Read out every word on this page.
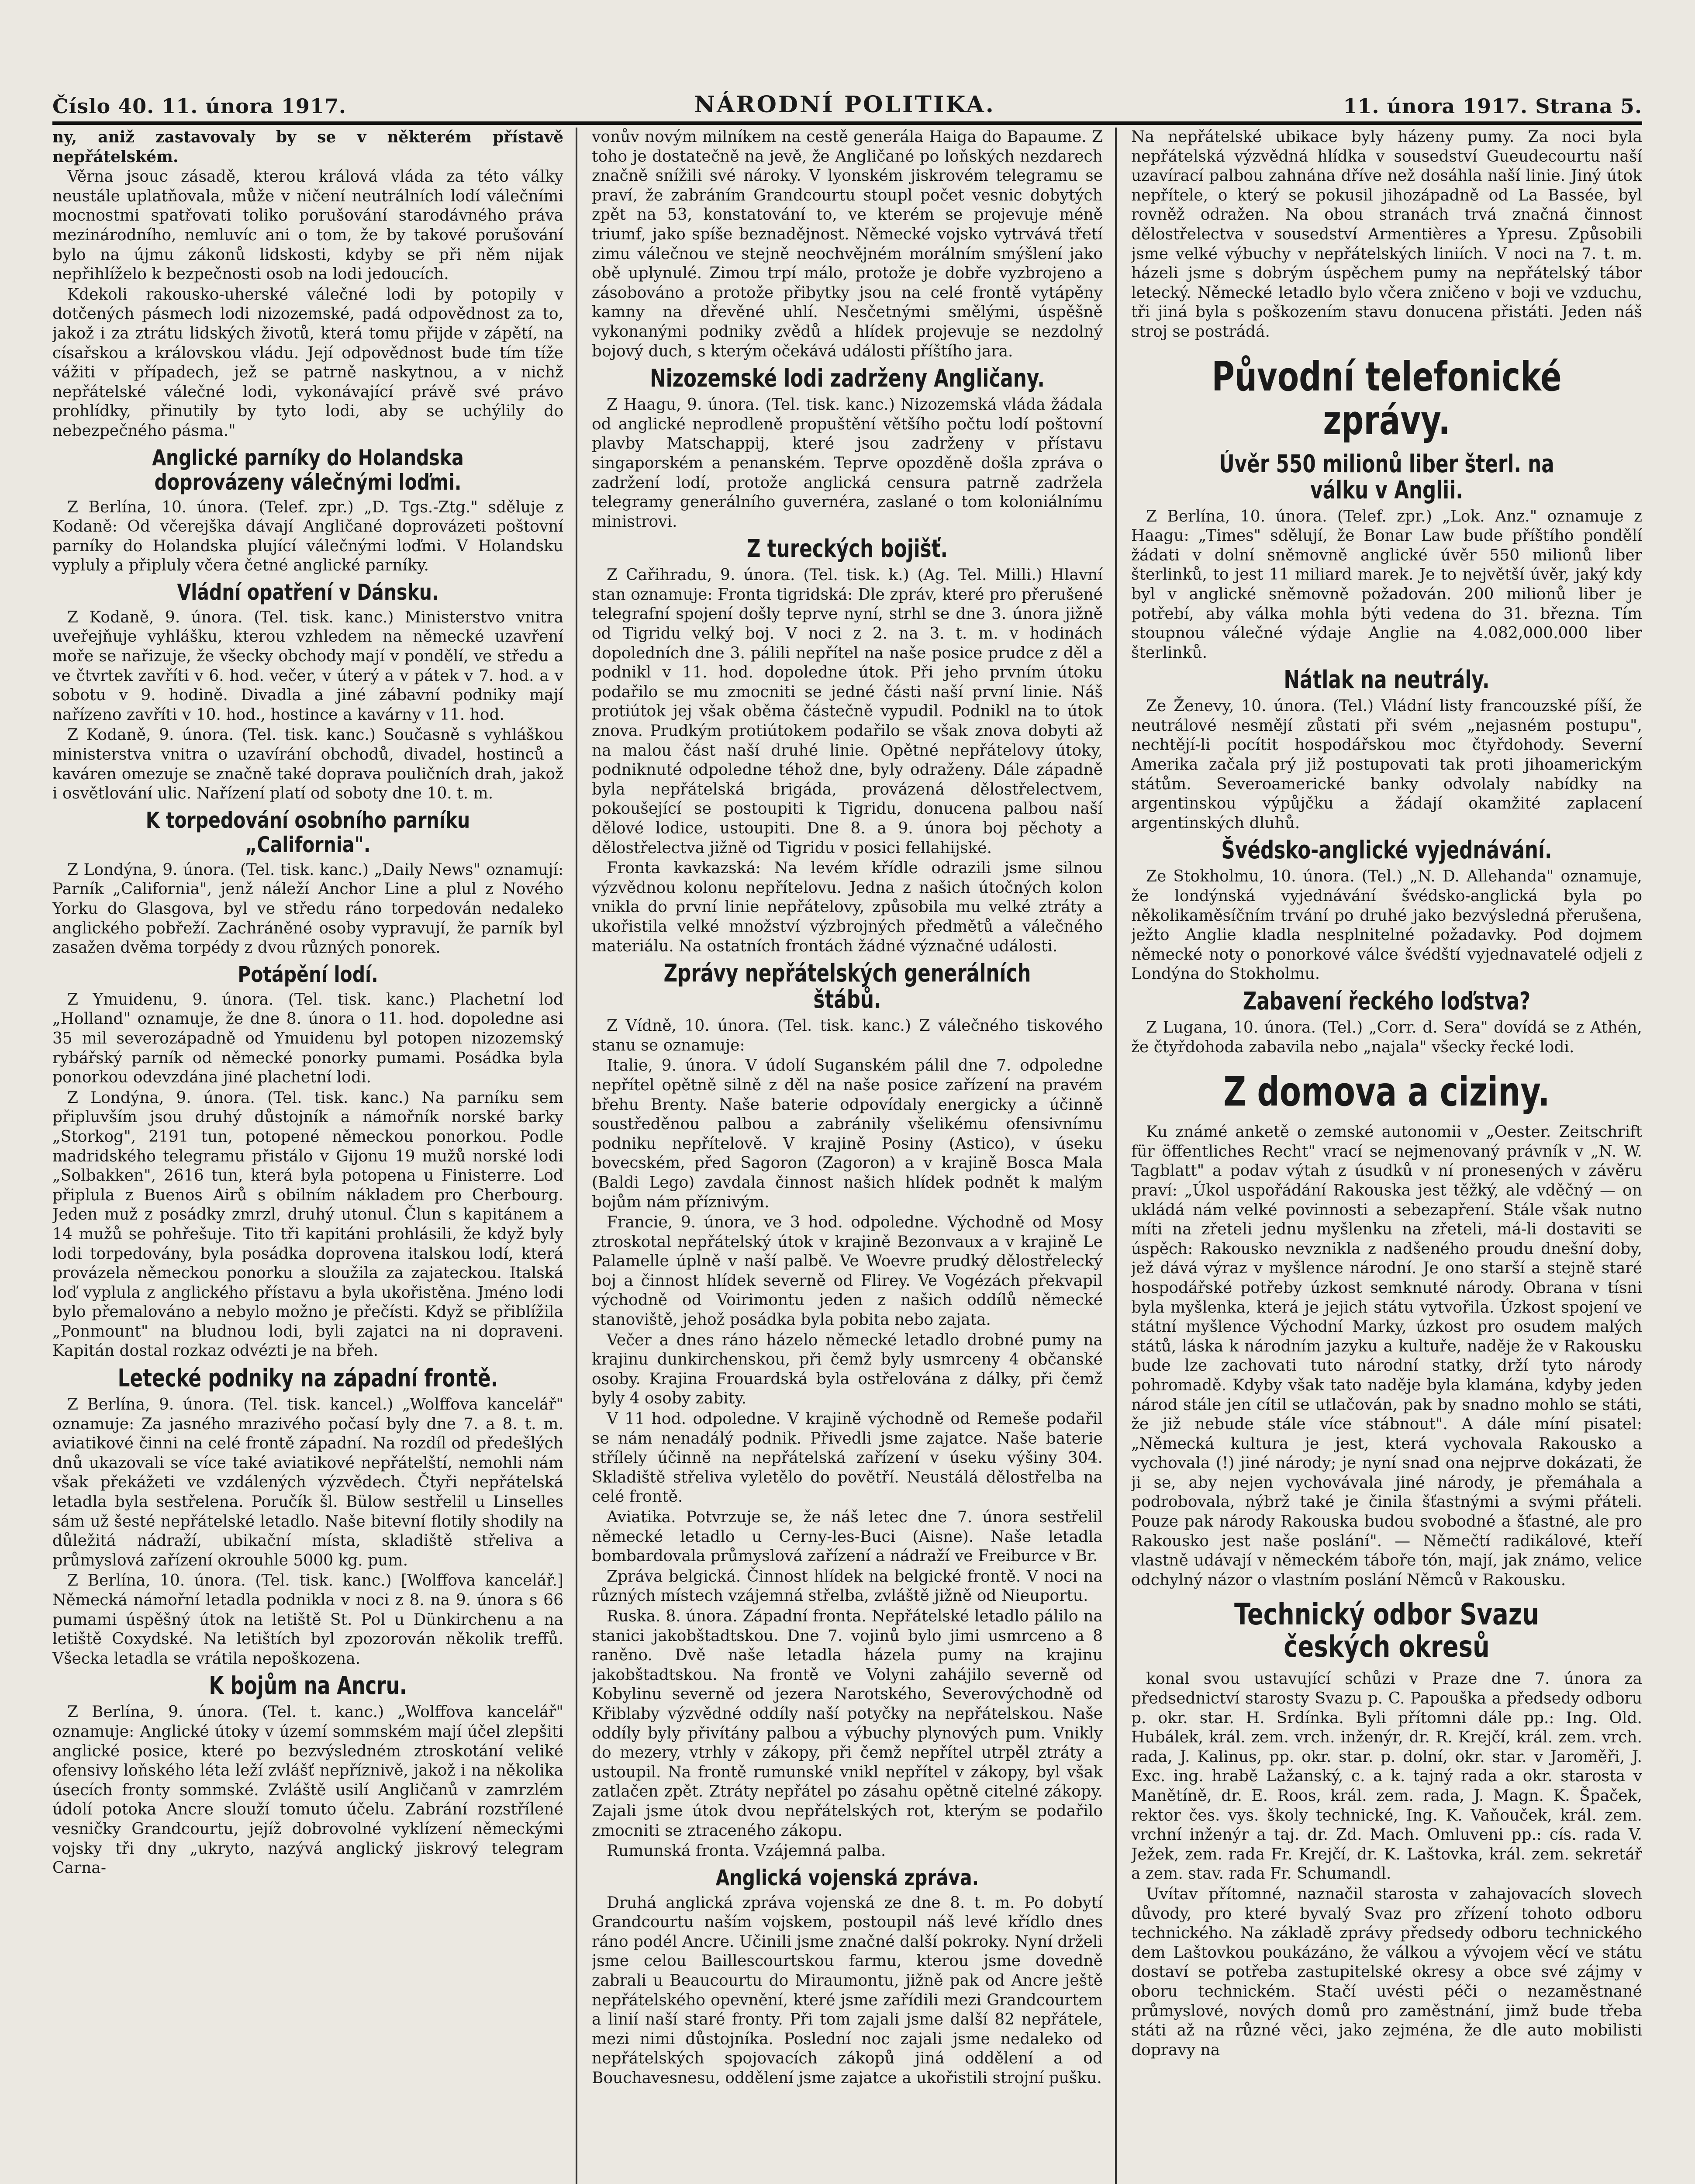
Číslo 40. 11. února 1917.	NÁRODNÍ POLITIKA.	11. února 1917. Strana 5.

ny, aniž zastavovaly by se v některém přístavě nepřátelském.

Věrna jsouc zásadě, kterou králová vláda za této války neustále uplatňovala, může v ničení neutrálních lodí válečními mocnostmi spatřovati toliko porušování starodávného práva mezinárodního, nemluvíc ani o tom, že by takové porušování bylo na újmu zákonů lidskosti, kdyby se při něm nijak nepřihlíželo k bezpečnosti osob na lodi jedoucích.

Kdekoli rakousko-uherské válečné lodi by potopily v dotčených pásmech lodi nizozemské, padá odpovědnost za to, jakož i za ztrátu lidských životů, která tomu přijde v zápětí, na císařskou a královskou vládu. Její odpovědnost bude tím tíže vážiti v případech, jež se patrně naskytnou, a v nichž nepřátelské válečné lodi, vykonávající právě své právo prohlídky, přinutily by tyto lodi, aby se uchýlily do nebezpečného pásma."

Anglické parníky do Holandska doprovázeny válečnými loďmi.

Z Berlína, 10. února. (Telef. zpr.) „D. Tgs.-Ztg." sděluje z Kodaně: Od včerejška dávají Angličané doprovázeti poštovní parníky do Holandska plující válečnými loďmi. V Holandsku vypluly a připluly včera četné anglické parníky.

Vládní opatření v Dánsku.

Z Kodaně, 9. února. (Tel. tisk. kanc.) Ministerstvo vnitra uveřejňuje vyhlášku, kterou vzhledem na německé uzavření moře se nařizuje, že všecky obchody mají v pondělí, ve středu a ve čtvrtek zavříti v 6. hod. večer, v úterý a v pátek v 7. hod. a v sobotu v 9. hodině. Divadla a jiné zábavní podniky mají nařízeno zavříti v 10. hod., hostince a kavárny v 11. hod.

Z Kodaně, 9. února. (Tel. tisk. kanc.) Současně s vyhláškou ministerstva vnitra o uzavírání obchodů, divadel, hostinců a kaváren omezuje se značně také doprava pouličních drah, jakož i osvětlování ulic. Nařízení platí od soboty dne 10. t. m.

K torpedování osobního parníku „California".

Z Londýna, 9. února. (Tel. tisk. kanc.) „Daily News" oznamují: Parník „California", jenž náleží Anchor Line a plul z Nového Yorku do Glasgova, byl ve středu ráno torpedován nedaleko anglického pobřeží. Zachráněné osoby vypravují, že parník byl zasažen dvěma torpédy z dvou různých ponorek.

Potápění lodí.

Z Ymuidenu, 9. února. (Tel. tisk. kanc.) Plachetní loď „Holland" oznamuje, že dne 8. února o 11. hod. dopoledne asi 35 mil severozápadně od Ymuidenu byl potopen nizozemský rybářský parník od německé ponorky pumami. Posádka byla ponorkou odevzdána jiné plachetní lodi.

Z Londýna, 9. února. (Tel. tisk. kanc.) Na parníku sem připluvším jsou druhý důstojník a námořník norské barky „Storkog", 2191 tun, potopené německou ponorkou. Podle madridského telegramu přistálo v Gijonu 19 mužů norské lodi „Solbakken", 2616 tun, která byla potopena u Finisterre. Loď připlula z Buenos Airů s obilním nákladem pro Cherbourg. Jeden muž z posádky zmrzl, druhý utonul. Člun s kapitánem a 14 mužů se pohřešuje. Tito tři kapitáni prohlásili, že když byly lodi torpedovány, byla posádka doprovena italskou lodí, která provázela německou ponorku a sloužila za zajateckou. Italská loď vyplula z anglického přístavu a byla ukořistěna. Jméno lodi bylo přemalováno a nebylo možno je přečísti. Když se přiblížila „Ponmount" na bludnou lodi, byli zajatci na ni dopraveni. Kapitán dostal rozkaz odvézti je na břeh.

Letecké podniky na západní frontě.

Z Berlína, 9. února. (Tel. tisk. kancel.) „Wolffova kancelář" oznamuje: Za jasného mrazivého počasí byly dne 7. a 8. t. m. aviatikové činni na celé frontě západní. Na rozdíl od předešlých dnů ukazovali se více také aviatikové nepřátelští, nemohli nám však překážeti ve vzdálených výzvědech. Čtyři nepřátelská letadla byla sestřelena. Poručík šl. Bülow sestřelil u Linselles sám už šesté nepřátelské letadlo. Naše bitevní flotily shodily na důležitá nádraží, ubikační místa, skladiště střeliva a průmyslová zařízení okrouhle 5000 kg. pum.

Z Berlína, 10. února. (Tel. tisk. kanc.) [Wolffova kancelář.] Německá námořní letadla podnikla v noci z 8. na 9. února s 66 pumami úspěšný útok na letiště St. Pol u Dünkirchenu a na letiště Coxydské. Na letištích byl zpozorován několik treffů. Všecka letadla se vrátila nepoškozena.

K bojům na Ancru.

Z Berlína, 9. února. (Tel. t. kanc.) „Wolffova kancelář" oznamuje: Anglické útoky v území sommském mají účel zlepšiti anglické posice, které po bezvýsledném ztroskotání veliké ofensivy loňského léta leží zvlášť nepříznivě, jakož i na několika úsecích fronty sommské. Zvláště usilí Angličanů v zamrzlém údolí potoka Ancre slouží tomuto účelu. Zabrání rozstřílené vesničky Grandcourtu, jejíž dobrovolné vyklízení německými vojsky tři dny „ukryto, nazývá anglický jiskrový telegram Carna-

vonův novým milníkem na cestě generála Haiga do Bapaume. Z toho je dostatečně na jevě, že Angličané po loňských nezdarech značně snížili své nároky. V lyonském jiskrovém telegramu se praví, že zabráním Grandcourtu stoupl počet vesnic dobytých zpět na 53, konstatování to, ve kterém se projevuje méně triumf, jako spíše beznadějnost. Německé vojsko vytrvává třetí zimu válečnou ve stejně neochvějném morálním smýšlení jako obě uplynulé. Zimou trpí málo, protože je dobře vyzbrojeno a zásobováno a protože přibytky jsou na celé frontě vytápěny kamny na dřevěné uhlí. Nesčetnými smělými, úspěšně vykonanými podniky zvědů a hlídek projevuje se nezdolný bojový duch, s kterým očekává události příštího jara.

Nizozemské lodi zadrženy Angličany.

Z Haagu, 9. února. (Tel. tisk. kanc.) Nizozemská vláda žádala od anglické neprodleně propuštění většího počtu lodí poštovní plavby Matschappij, které jsou zadrženy v přístavu singaporském a penanském. Teprve opozděně došla zpráva o zadržení lodí, protože anglická censura patrně zadržela telegramy generálního guvernéra, zaslané o tom koloniálnímu ministrovi.

Z tureckých bojišť.

Z Cařihradu, 9. února. (Tel. tisk. k.) (Ag. Tel. Milli.) Hlavní stan oznamuje: Fronta tigridská: Dle zpráv, které pro přerušené telegrafní spojení došly teprve nyní, strhl se dne 3. února jižně od Tigridu velký boj. V noci z 2. na 3. t. m. v hodinách dopoledních dne 3. pálili nepřítel na naše posice prudce z děl a podnikl v 11. hod. dopoledne útok. Při jeho prvním útoku podařilo se mu zmocniti se jedné části naší první linie. Náš protiútok jej však oběma částečně vypudil. Podnikl na to útok znova. Prudkým protiútokem podařilo se však znova dobyti až na malou část naší druhé linie. Opětné nepřátelovy útoky, podniknuté odpoledne téhož dne, byly odraženy. Dále západně byla nepřátelská brigáda, provázená dělostřelectvem, pokoušející se postoupiti k Tigridu, donucena palbou naší dělové lodice, ustoupiti. Dne 8. a 9. února boj pěchoty a dělostřelectva jižně od Tigridu v posici fellahijské.

Fronta kavkazská: Na levém křídle odrazili jsme silnou výzvědnou kolonu nepřítelovu. Jedna z našich útočných kolon vnikla do první linie nepřátelovy, způsobila mu velké ztráty a ukořistila velké množství výzbrojných předmětů a válečného materiálu. Na ostatních frontách žádné význačné události.

Zprávy nepřátelských generálních štábů.

Z Vídně, 10. února. (Tel. tisk. kanc.) Z válečného tiskového stanu se oznamuje:

Italie, 9. února. V údolí Suganském pálil dne 7. odpoledne nepřítel opětně silně z děl na naše posice zařízení na pravém břehu Brenty. Naše baterie odpovídaly energicky a účinně soustředěnou palbou a zabránily všelikému ofensivnímu podniku nepřítelově. V krajině Posiny (Astico), v úseku bovecském, před Sagoron (Zagoron) a v krajině Bosca Mala (Baldi Lego) zavdala činnost našich hlídek podnět k malým bojům nám příznivým.

Francie, 9. února, ve 3 hod. odpoledne. Východně od Mosy ztroskotal nepřátelský útok v krajině Bezonvaux a v krajině Le Palamelle úplně v naší palbě. Ve Woevre prudký dělostřelecký boj a činnost hlídek severně od Flirey. Ve Vogézách překvapil východně od Voirimontu jeden z našich oddílů německé stanoviště, jehož posádka byla pobita nebo zajata.

Večer a dnes ráno házelo německé letadlo drobné pumy na krajinu dunkirchenskou, při čemž byly usmrceny 4 občanské osoby. Krajina Frouardská byla ostřelována z dálky, při čemž byly 4 osoby zabity.

V 11 hod. odpoledne. V krajině východně od Remeše podařil se nám nenadálý podnik. Přivedli jsme zajatce. Naše baterie střílely účinně na nepřátelská zařízení v úseku výšiny 304. Skladiště střeliva vyletělo do povětří. Neustálá dělostřelba na celé frontě.

Aviatika. Potvrzuje se, že náš letec dne 7. února sestřelil německé letadlo u Cerny-les-Buci (Aisne). Naše letadla bombardovala průmyslová zařízení a nádraží ve Freiburce v Br.

Zpráva belgická. Činnost hlídek na belgické frontě. V noci na různých místech vzájemná střelba, zvláště jižně od Nieuportu.

Ruska. 8. února. Západní fronta. Nepřátelské letadlo pálilo na stanici jakobštadtskou. Dne 7. vojinů bylo jimi usmrceno a 8 raněno. Dvě naše letadla házela pumy na krajinu jakobštadtskou. Na frontě ve Volyni zahájilo severně od Kobylinu severně od jezera Narotského, Severovýchodně od Křiblaby výzvědné oddíly naší potyčky na nepřátelskou. Naše oddíly byly přivítány palbou a výbuchy plynových pum. Vnikly do mezery, vtrhly v zákopy, při čemž nepřítel utrpěl ztráty a ustoupil. Na frontě rumunské vnikl nepřítel v zákopy, byl však zatlačen zpět. Ztráty nepřátel po zásahu opětně citelné zákopy. Zajali jsme útok dvou nepřátelských rot, kterým se podařilo zmocniti se ztraceného zákopu.

Rumunská fronta. Vzájemná palba.

Anglická vojenská zpráva.

Druhá anglická zpráva vojenská ze dne 8. t. m. Po dobytí Grandcourtu naším vojskem, postoupil náš levé křídlo dnes ráno podél Ancre. Učinili jsme značné další pokroky. Nyní drželi jsme celou Baillescourtskou farmu, kterou jsme dovedně zabrali u Beaucourtu do Miraumontu, jižně pak od Ancre ještě nepřátelského opevnění, které jsme zařídili mezi Grandcourtem a linií naší staré fronty. Při tom zajali jsme další 82 nepřátele, mezi nimi důstojníka. Poslední noc zajali jsme nedaleko od nepřátelských spojovacích zákopů jiná oddělení a od Bouchavesnesu, oddělení jsme zajatce a ukořistili strojní pušku.

Na nepřátelské ubikace byly házeny pumy. Za noci byla nepřátelská výzvědná hlídka v sousedství Gueudecourtu naší uzavírací palbou zahnána dříve než dosáhla naší linie. Jiný útok nepřítele, o který se pokusil jihozápadně od La Bassée, byl rovněž odražen. Na obou stranách trvá značná činnost dělostřelectva v sousedství Armentières a Ypresu. Způsobili jsme velké výbuchy v nepřátelských liniích. V noci na 7. t. m. házeli jsme s dobrým úspěchem pumy na nepřátelský tábor letecký. Německé letadlo bylo včera zničeno v boji ve vzduchu, tři jiná byla s poškozením stavu donucena přistáti. Jeden náš stroj se postrádá.

Původní telefonické zprávy.
Úvěr 550 milionů liber šterl. na válku v Anglii.

Z Berlína, 10. února. (Telef. zpr.) „Lok. Anz." oznamuje z Haagu: „Times" sdělují, že Bonar Law bude příštího pondělí žádati v dolní sněmovně anglické úvěr 550 milionů liber šterlinků, to jest 11 miliard marek. Je to největší úvěr, jaký kdy byl v anglické sněmovně požadován. 200 milionů liber je potřebí, aby válka mohla býti vedena do 31. března. Tím stoupnou válečné výdaje Anglie na 4.082,000.000 liber šterlinků.

Nátlak na neutrály.

Ze Ženevy, 10. února. (Tel.) Vládní listy francouzské píší, že neutrálové nesmějí zůstati při svém „nejasném postupu", nechtějí-li pocítit hospodářskou moc čtyřdohody. Severní Amerika začala prý již postupovati tak proti jihoamerickým státům. Severoamerické banky odvolaly nabídky na argentinskou výpůjčku a žádají okamžité zaplacení argentinských dluhů.

Švédsko-anglické vyjednávání.

Ze Stokholmu, 10. února. (Tel.) „N. D. Allehanda" oznamuje, že londýnská vyjednávání švédsko-anglická byla po několikaměsíčním trvání po druhé jako bezvýsledná přerušena, ježto Anglie kladla nesplnitelné požadavky. Pod dojmem německé noty o ponorkové válce švédští vyjednavatelé odjeli z Londýna do Stokholmu.

Zabavení řeckého loďstva?

Z Lugana, 10. února. (Tel.) „Corr. d. Sera" dovídá se z Athén, že čtyřdohoda zabavila nebo „najala" všecky řecké lodi.

Z domova a ciziny.

Ku známé anketě o zemské autonomii v „Oester. Zeitschrift für öffentliches Recht" vrací se nejmenovaný právník v „N. W. Tagblatt" a podav výtah z úsudků v ní pronesených v závěru praví: „Úkol uspořádání Rakouska jest těžký, ale vděčný — on ukládá nám velké povinnosti a sebezapření. Stále však nutno míti na zřeteli jednu myšlenku na zřeteli, má-li dostaviti se úspěch: Rakousko nevznikla z nadšeného proudu dnešní doby, jež dává výraz v myšlence národní. Je ono starší a stejně staré hospodářské potřeby úzkost semknuté národy. Obrana v tísni byla myšlenka, která je jejich státu vytvořila. Úzkost spojení ve státní myšlence Východní Marky, úzkost pro osudem malých států, láska k národním jazyku a kultuře, naděje že v Rakousku bude lze zachovati tuto národní statky, drží tyto národy pohromadě. Kdyby však tato naděje byla klamána, kdyby jeden národ stále jen cítil se utlačován, pak by snadno mohlo se státi, že již nebude stále více stábnout". A dále míní pisatel: „Německá kultura je jest, která vychovala Rakousko a vychovala (!) jiné národy; je nyní snad ona nejprve dokázati, že ji se, aby nejen vychovávala jiné národy, je přemáhala a podrobovala, nýbrž také je činila šťastnými a svými přáteli. Pouze pak národy Rakouska budou svobodné a šťastné, ale pro Rakousko jest naše poslání". — Němečtí radikálové, kteří vlastně udávají v německém táboře tón, mají, jak známo, velice odchylný názor o vlastním poslání Němců v Rakousku.

Technický odbor Svazu českých okresů

konal svou ustavující schůzi v Praze dne 7. února za předsednictví starosty Svazu p. C. Papouška a předsedy odboru p. okr. star. H. Srdínka. Byli přítomni dále pp.: Ing. Old. Hubálek, král. zem. vrch. inženýr, dr. R. Krejčí, král. zem. vrch. rada, J. Kalinus, pp. okr. star. p. dolní, okr. star. v Jaroměři, J. Exc. ing. hrabě Lažanský, c. a k. tajný rada a okr. starosta v Manětíně, dr. E. Roos, král. zem. rada, J. Magn. K. Špaček, rektor čes. vys. školy technické, Ing. K. Vaňouček, král. zem. vrchní inženýr a taj. dr. Zd. Mach. Omluveni pp.: cís. rada V. Ježek, zem. rada Fr. Krejčí, dr. K. Laštovka, král. zem. sekretář a zem. stav. rada Fr. Schumandl.

Uvítav přítomné, naznačil starosta v zahajovacích slovech důvody, pro které byvalý Svaz pro zřízení tohoto odboru technického. Na základě zprávy předsedy odboru technického dem Laštovkou poukázáno, že válkou a vývojem věcí ve státu dostaví se potřeba zastupitelské okresy a obce své zájmy v oboru technickém. Stačí uvésti péči o nezaměstnané průmyslové, nových domů pro zaměstnání, jimž bude třeba státi až na různé věci, jako zejména, že dle auto mobilisti dopravy na
